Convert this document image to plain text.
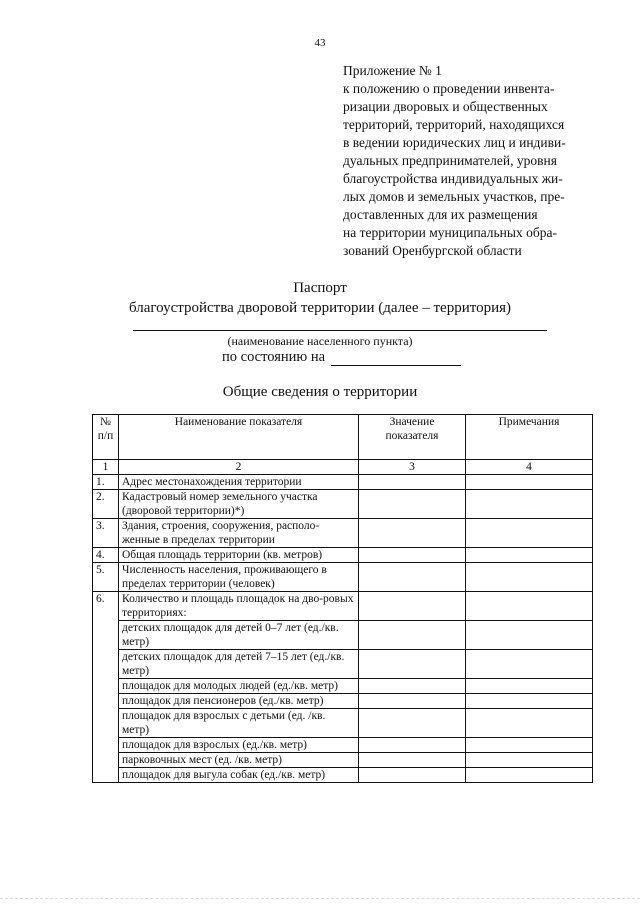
43
Приложение № 1
к положению о проведении инвента-
ризации дворовых и общественных
территорий, территорий, находящихся
в ведении юридических лиц и индиви-
дуальных предпринимателей, уровня
благоустройства индивидуальных жи-
лых домов и земельных участков, пре-
доставленных для их размещения
на территории муниципальных обра-
зований Оренбургской области
Паспорт
благоустройства дворовой территории (далее – территория)
(наименование населенного пункта)
по состоянию на
Общие сведения о территории
№ п/п	Наименование показателя	Значение показателя	Примечания
1	2	3	4
1.	Адрес местонахождения территории		
2.	Кадастровый номер земельного участка (дворовой территории)*)		
3.	Здания, строения, сооружения, располо-женные в пределах территории		
4.	Общая площадь территории (кв. метров)		
5.	Численность населения, проживающего в пределах территории (человек)		
6.	Количество и площадь площадок на дво-ровых территориях:		
	детских площадок для детей 0–7 лет (ед./кв. метр)		
	детских площадок для детей 7–15 лет (ед./кв. метр)		
	площадок для молодых людей (ед./кв. метр)		
	площадок для пенсионеров (ед./кв. метр)		
	площадок для взрослых с детьми (ед. /кв. метр)		
	площадок для взрослых (ед./кв. метр)		
	парковочных мест (ед. /кв. метр)		
	площадок для выгула собак (ед./кв. метр)		
